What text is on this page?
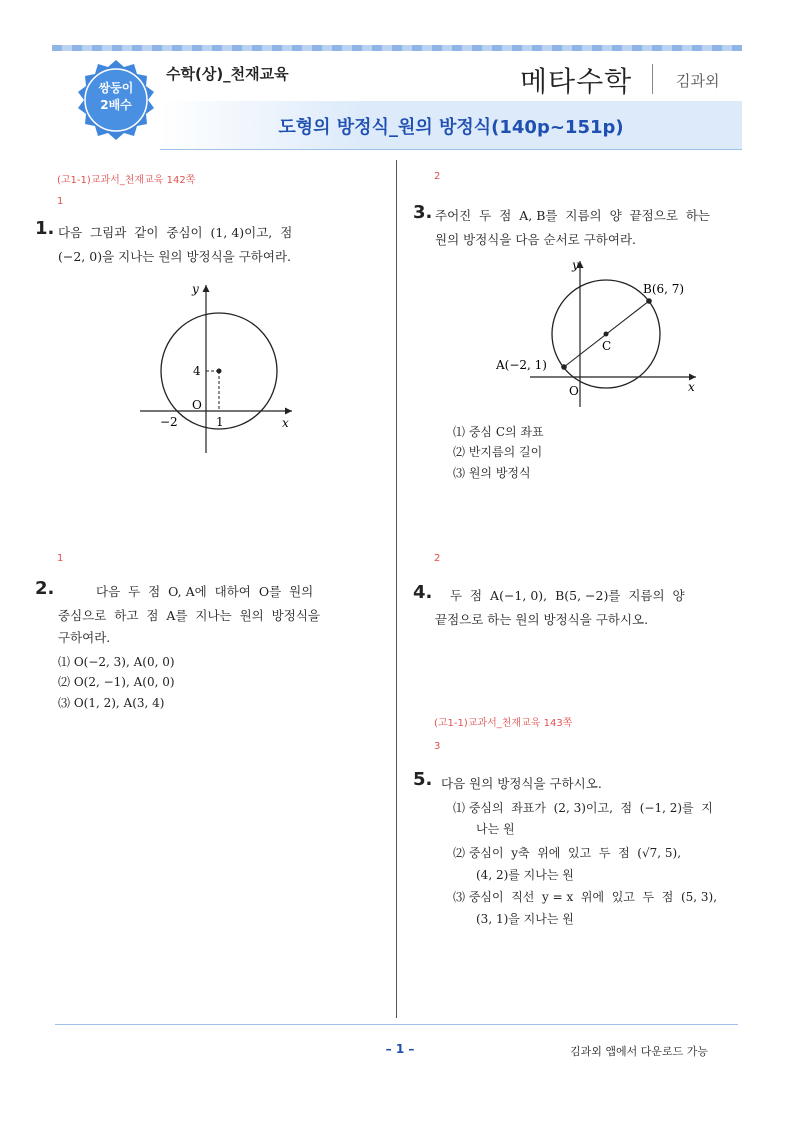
쌍둥이
2배수
수학(상)_천재교육	메타수학	김과외
도형의 방정식_원의 방정식(140p~151p)
(고1-1)교과서_천재교육 142쪽
1
1. 다음  그림과  같이  중심이  (1, 4)이고,  점
(−2, 0)을 지나는 원의 방정식을 구하여라.
y
x
O
4
−2	1
1
2.	다음  두  점  O, A에  대하여  O를  원의
중심으로  하고  점  A를  지나는  원의  방정식을
구하여라.
⑴ O(−2, 3), A(0, 0)
⑵ O(2, −1), A(0, 0)
⑶ O(1, 2), A(3, 4)
2
3. 주어진  두  점  A, B를  지름의  양  끝점으로  하는
원의 방정식을 다음 순서로 구하여라.
y
x
O
A(−2, 1)
B(6, 7)
C
⑴ 중심 C의 좌표
⑵ 반지름의 길이
⑶ 원의 방정식
2
4. 두  점  A(−1, 0),  B(5, −2)를  지름의  양
끝점으로 하는 원의 방정식을 구하시오.
(고1-1)교과서_천재교육 143쪽
3
5. 다음 원의 방정식을 구하시오.
⑴ 중심의  좌표가  (2, 3)이고,  점  (−1, 2)를  지
나는 원
⑵ 중심이  y축  위에  있고  두  점  (√7, 5),
(4, 2)를 지나는 원
⑶ 중심이  직선  y = x  위에  있고  두  점  (5, 3),
(3, 1)을 지나는 원
– 1 –	김과외 앱에서 다운로드 가능
